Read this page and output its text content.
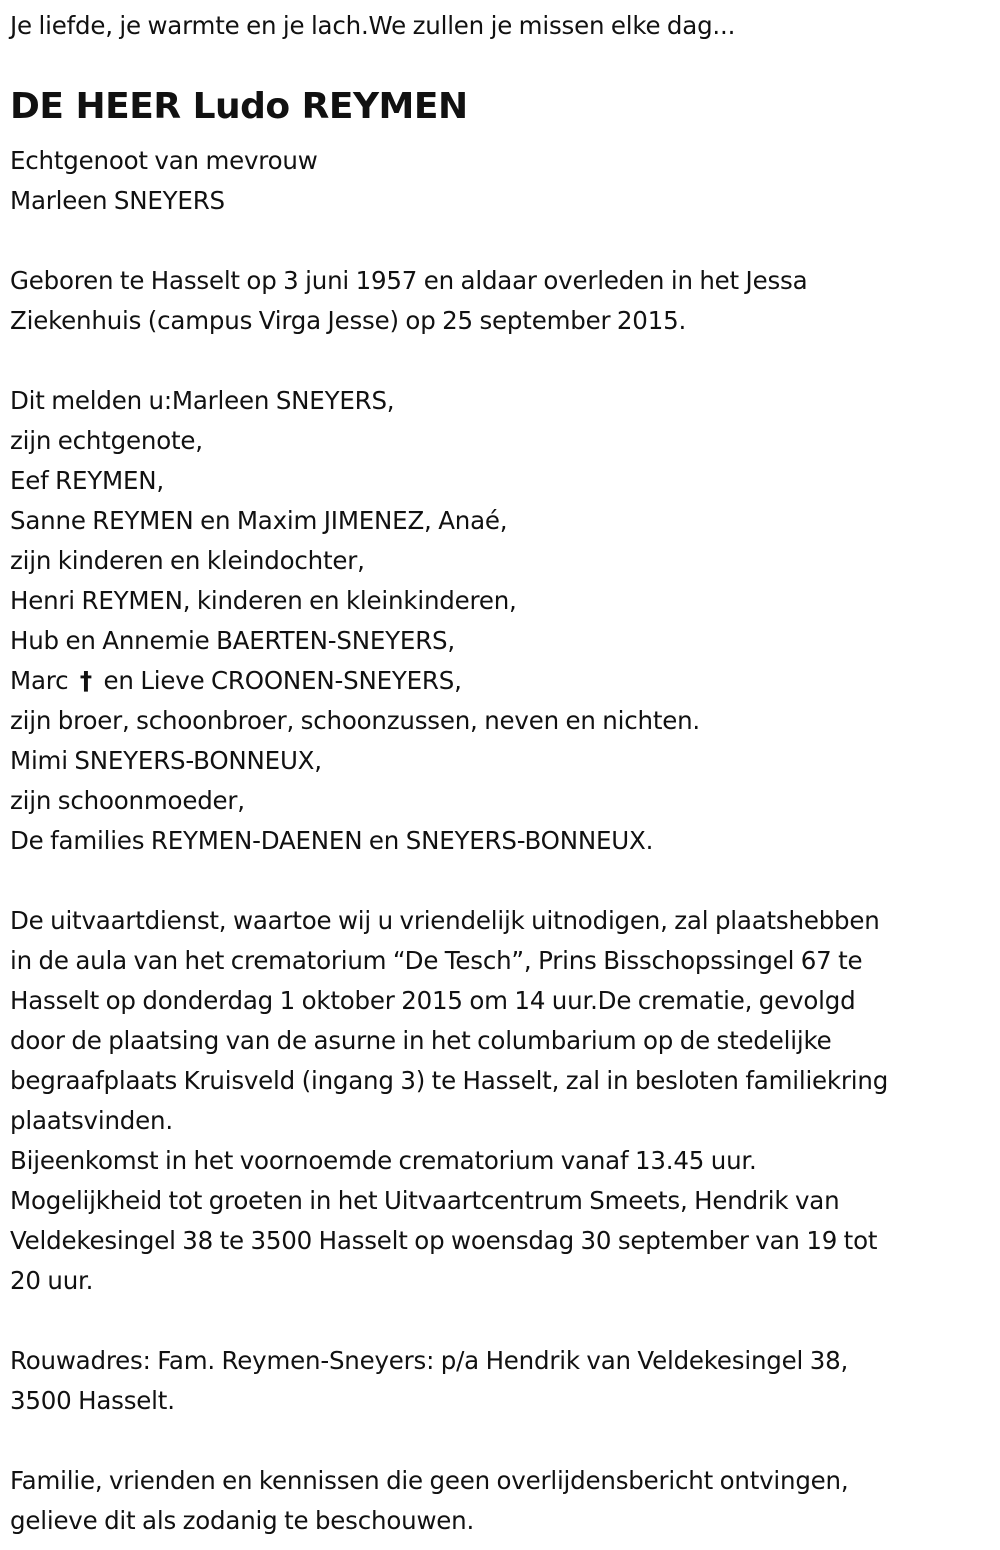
Je liefde, je warmte en je lach.We zullen je missen elke dag...
DE HEER Ludo REYMEN
Echtgenoot van mevrouw
Marleen SNEYERS
Geboren te Hasselt op 3 juni 1957 en aldaar overleden in het Jessa
Ziekenhuis (campus Virga Jesse) op 25 september 2015.
Dit melden u:Marleen SNEYERS,
zijn echtgenote,
Eef REYMEN,
Sanne REYMEN en Maxim JIMENEZ, Anaé,
zijn kinderen en kleindochter,
Henri REYMEN, kinderen en kleinkinderen,
Hub en Annemie BAERTEN-SNEYERS,
Marc † en Lieve CROONEN-SNEYERS,
zijn broer, schoonbroer, schoonzussen, neven en nichten.
Mimi SNEYERS-BONNEUX,
zijn schoonmoeder,
De families REYMEN-DAENEN en SNEYERS-BONNEUX.
De uitvaartdienst, waartoe wij u vriendelijk uitnodigen, zal plaatshebben
in de aula van het crematorium “De Tesch”, Prins Bisschopssingel 67 te
Hasselt op donderdag 1 oktober 2015 om 14 uur.De crematie, gevolgd
door de plaatsing van de asurne in het columbarium op de stedelijke
begraafplaats Kruisveld (ingang 3) te Hasselt, zal in besloten familiekring
plaatsvinden.
Bijeenkomst in het voornoemde crematorium vanaf 13.45 uur.
Mogelijkheid tot groeten in het Uitvaartcentrum Smeets, Hendrik van
Veldekesingel 38 te 3500 Hasselt op woensdag 30 september van 19 tot
20 uur.
Rouwadres: Fam. Reymen-Sneyers: p/a Hendrik van Veldekesingel 38,
3500 Hasselt.
Familie, vrienden en kennissen die geen overlijdensbericht ontvingen,
gelieve dit als zodanig te beschouwen.
